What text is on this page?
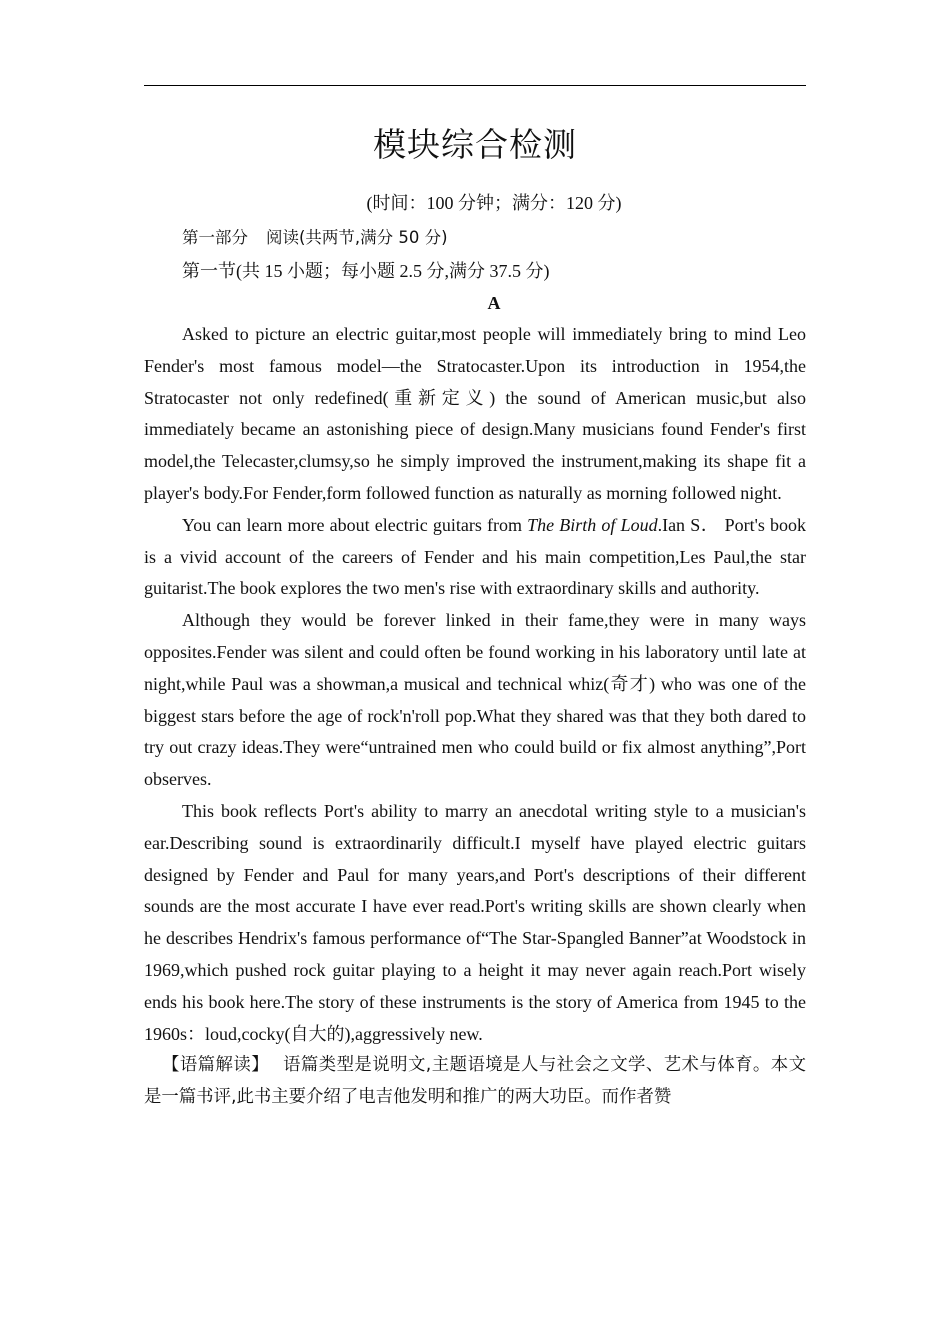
模块综合检测
(时间：100 分钟；满分：120 分)
第一部分 阅读(共两节,满分 50 分)
第一节(共 15 小题；每小题 2.5 分,满分 37.5 分)
A

Asked to picture an electric guitar,most people will immediately bring to mind Leo Fender's most famous model—the Stratocaster.Upon its introduction in 1954,the Stratocaster not only redefined(重新定义) the sound of American music,but also immediately became an astonishing piece of design.Many musicians found Fender's first model,the Telecaster,clumsy,so he simply improved the instrument,making its shape fit a player's body.For Fender,form followed function as naturally as morning followed night.

You can learn more about electric guitars from The Birth of Loud.Ian S． Port's book is a vivid account of the careers of Fender and his main competition,Les Paul,the star guitarist.The book explores the two men's rise with extraordinary skills and authority.

Although they would be forever linked in their fame,they were in many ways opposites.Fender was silent and could often be found working in his laboratory until late at night,while Paul was a showman,a musical and technical whiz(奇才) who was one of the biggest stars before the age of rock'n'roll pop.What they shared was that they both dared to try out crazy ideas.They were“untrained men who could build or fix almost anything”,Port observes.

This book reflects Port's ability to marry an anecdotal writing style to a musician's ear.Describing sound is extraordinarily difficult.I myself have played electric guitars designed by Fender and Paul for many years,and Port's descriptions of their different sounds are the most accurate I have ever read.Port's writing skills are shown clearly when he describes Hendrix's famous performance of“The Star-Spangled Banner”at Woodstock in 1969,which pushed rock guitar playing to a height it may never again reach.Port wisely ends his book here.The story of these instruments is the story of America from 1945 to the 1960s：loud,cocky(自大的),aggressively new.

【语篇解读】 语篇类型是说明文,主题语境是人与社会之文学、艺术与体育。本文是一篇书评,此书主要介绍了电吉他发明和推广的两大功臣。而作者赞
